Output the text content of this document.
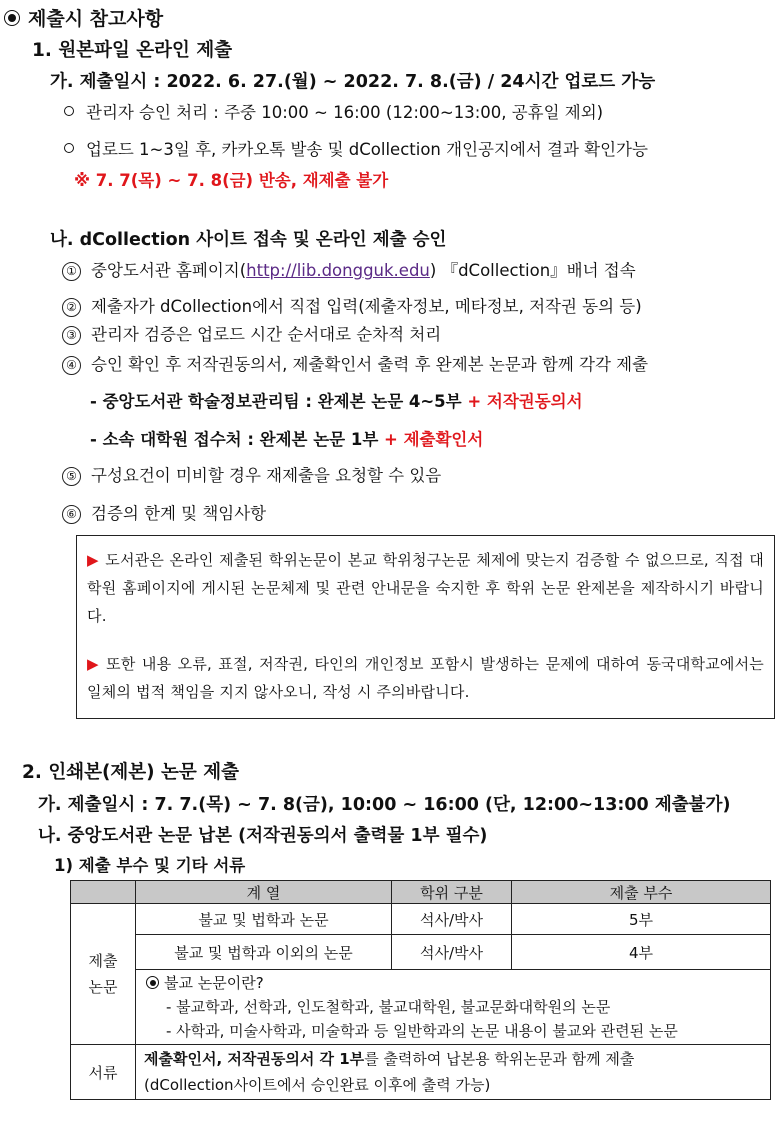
제출시 참고사항
1. 원본파일 온라인 제출
가. 제출일시 : 2022. 6. 27.(월) ~ 2022. 7. 8.(금) / 24시간 업로드 가능
관리자 승인 처리 : 주중 10:00 ~ 16:00 (12:00~13:00, 공휴일 제외)
업로드 1~3일 후, 카카오톡 발송 및 dCollection 개인공지에서 결과 확인가능
※ 7. 7(목) ~ 7. 8(금) 반송, 재제출 불가
나. dCollection 사이트 접속 및 온라인 제출 승인
① 중앙도서관 홈페이지(http://lib.dongguk.edu) 『dCollection』배너 접속
② 제출자가 dCollection에서 직접 입력(제출자정보, 메타정보, 저작권 동의 등)
③ 관리자 검증은 업로드 시간 순서대로 순차적 처리
④ 승인 확인 후 저작권동의서, 제출확인서 출력 후 완제본 논문과 함께 각각 제출
- 중앙도서관 학술정보관리팀 : 완제본 논문 4~5부 + 저작권동의서
- 소속 대학원 접수처 : 완제본 논문 1부 + 제출확인서
⑤ 구성요건이 미비할 경우 재제출을 요청할 수 있음
⑥ 검증의 한계 및 책임사항
▶ 도서관은 온라인 제출된 학위논문이 본교 학위청구논문 체제에 맞는지 검증할 수 없으므로, 직접 대학원 홈페이지에 게시된 논문체제 및 관련 안내문을 숙지한 후 학위 논문 완제본을 제작하시기 바랍니다.
▶ 또한 내용 오류, 표절, 저작권, 타인의 개인정보 포함시 발생하는 문제에 대하여 동국대학교에서는 일체의 법적 책임을 지지 않사오니, 작성 시 주의바랍니다.
2. 인쇄본(제본) 논문 제출
가. 제출일시 : 7. 7.(목) ~ 7. 8(금), 10:00 ~ 16:00 (단, 12:00~13:00 제출불가)
나. 중앙도서관 논문 납본 (저작권동의서 출력물 1부 필수)
1) 제출 부수 및 기타 서류
	계 열	학위 구분	제출 부수
제출
논문	불교 및 법학과 논문	석사/박사	5부
	불교 및 법학과 이외의 논문	석사/박사	4부

	불교 논문이란?
- 불교학과, 선학과, 인도철학과, 불교대학원, 불교문화대학원의 논문
- 사학과, 미술사학과, 미술학과 등 일반학과의 논문 내용이 불교와 관련된 논문		

서류	제출확인서, 저작권동의서 각 1부를 출력하여 납본용 학위논문과 함께 제출
(dCollection사이트에서 승인완료 이후에 출력 가능)		
